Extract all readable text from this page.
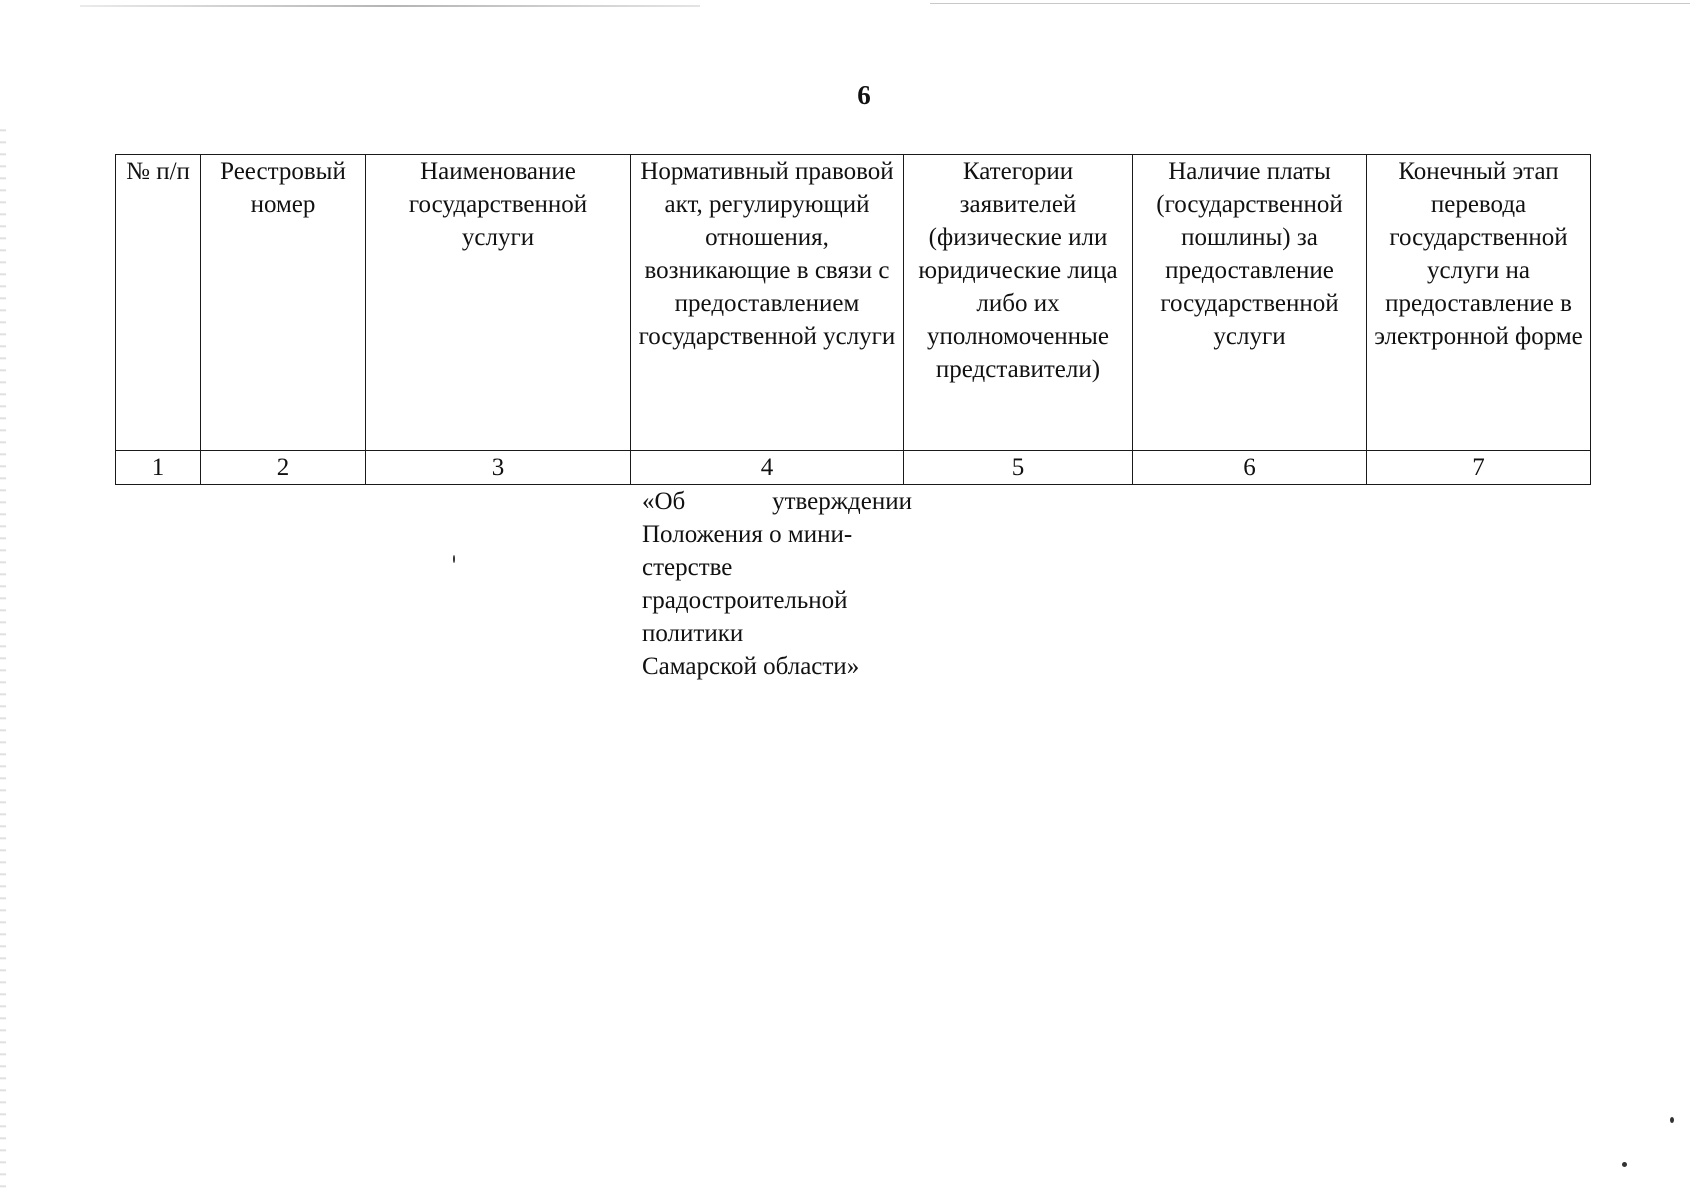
6
№ п/п	Реестровый номер	Наименование государственной услуги	Нормативный правовой акт, регулирующий отношения, возникающие в связи с предоставлением государственной услуги	Категории заявителей (физические или юридические лица либо их уполномоченные представители)	Наличие платы (государственной пошлины) за предоставление государственной услуги	Конечный этап перевода государственной услуги на предоставление в электронной форме
1	2	3	4	5	6	7
«Об	утверждении
Положения о мини-
стерстве
градостроительной
политики
Самарской области»
